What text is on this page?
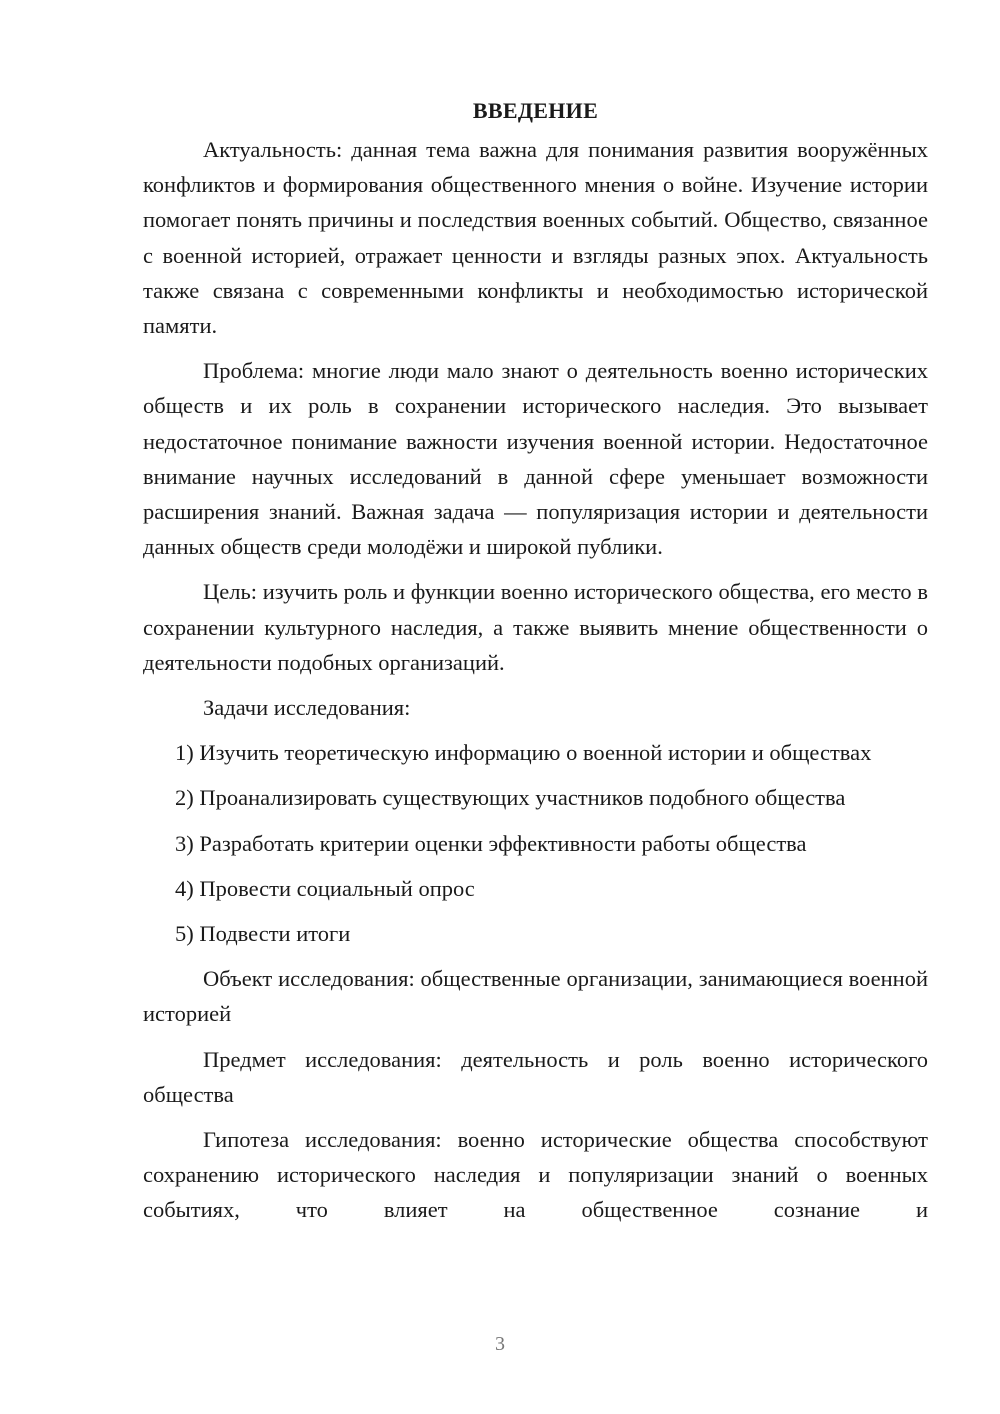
ВВЕДЕНИЕ

Актуальность: данная тема важна для понимания развития вооружённых конфликтов и формирования общественного мнения о войне. Изучение истории помогает понять причины и последствия военных событий. Общество, связанное с военной историей, отражает ценности и взгляды разных эпох. Актуальность также связана с современными конфликты и необходимостью исторической памяти.

Проблема: многие люди мало знают о деятельность военно исторических обществ и их роль в сохранении исторического наследия. Это вызывает недостаточное понимание важности изучения военной истории. Недостаточное внимание научных исследований в данной сфере уменьшает возможности расширения знаний. Важная задача — популяризация истории и деятельности данных обществ среди молодёжи и широкой публики.

Цель: изучить роль и функции военно исторического общества, его место в сохранении культурного наследия, а также выявить мнение общественности о деятельности подобных организаций.

Задачи исследования:

1) Изучить теоретическую информацию о военной истории и обществах

2) Проанализировать существующих участников подобного общества

3) Разработать критерии оценки эффективности работы общества

4) Провести социальный опрос

5) Подвести итоги

Объект исследования: общественные организации, занимающиеся военной историей

Предмет исследования: деятельность и роль военно исторического общества

Гипотеза исследования: военно исторические общества способствуют сохранению исторического наследия и популяризации знаний о военных событиях, что влияет на общественное сознание и

3
